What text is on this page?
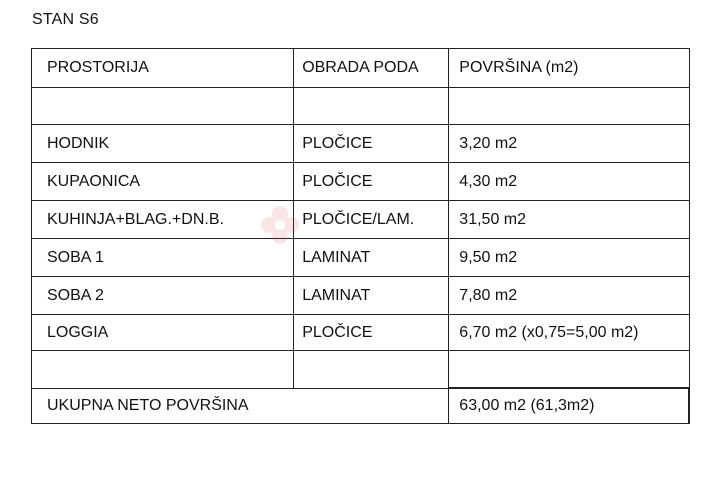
STAN S6
PROSTORIJA	OBRADA PODA	POVRŠINA (m2)

HODNIK	PLOČICE	3,20 m2
KUPAONICA	PLOČICE	4,30 m2
KUHINJA+BLAG.+DN.B.	PLOČICE/LAM.	31,50 m2
SOBA 1	LAMINAT	9,50 m2
SOBA 2	LAMINAT	7,80 m2
LOGGIA	PLOČICE	6,70 m2 (x0,75=5,00 m2)

UKUPNA NETO POVRŠINA		63,00 m2 (61,3m2)
